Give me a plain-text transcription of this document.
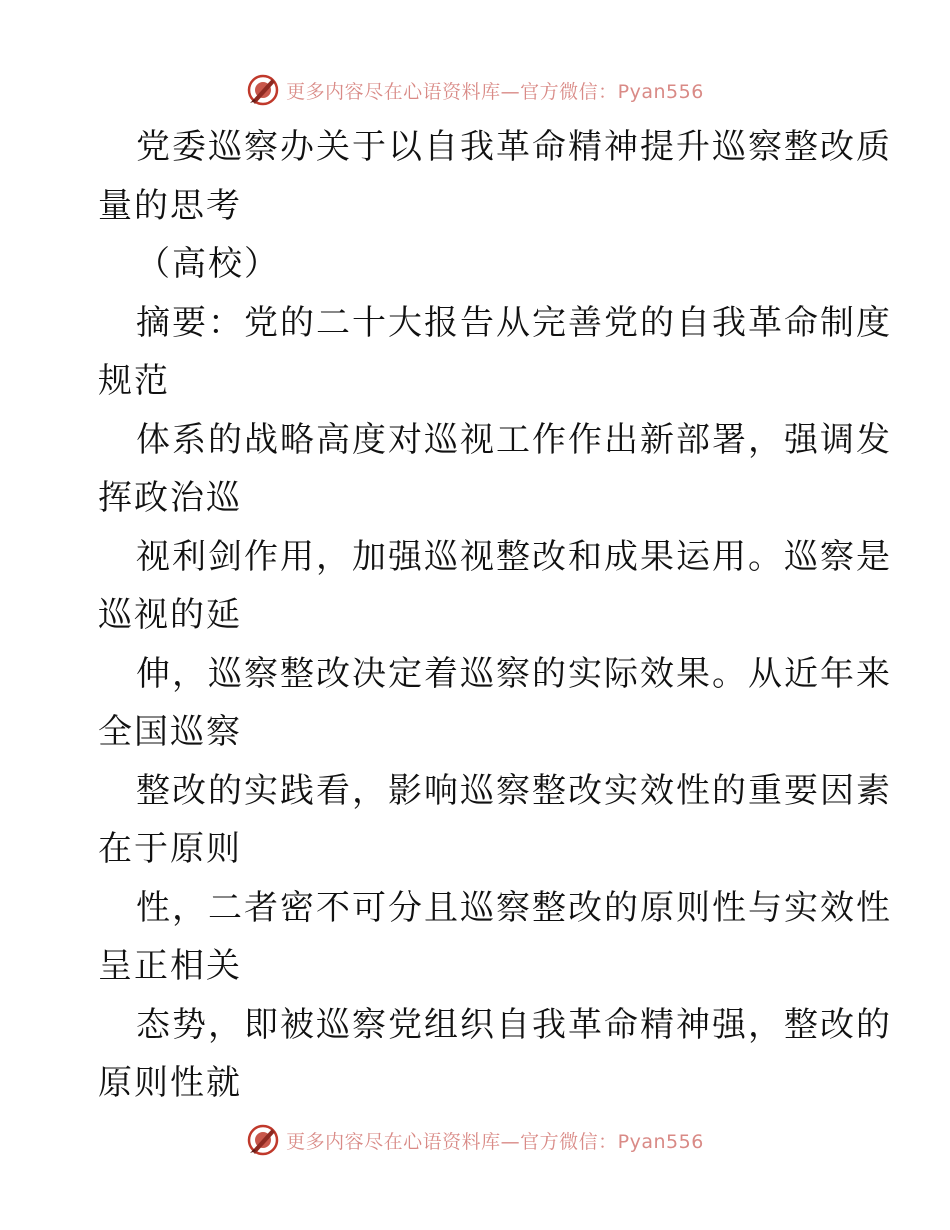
更多内容尽在心语资料库—官方微信：Pyan556
党委巡察办关于以自我革命精神提升巡察整改质
量的思考
（高校）
摘要：党的二十大报告从完善党的自我革命制度
规范
体系的战略高度对巡视工作作出新部署，强调发
挥政治巡
视利剑作用，加强巡视整改和成果运用。巡察是
巡视的延
伸，巡察整改决定着巡察的实际效果。从近年来
全国巡察
整改的实践看，影响巡察整改实效性的重要因素
在于原则
性，二者密不可分且巡察整改的原则性与实效性
呈正相关
态势，即被巡察党组织自我革命精神强，整改的
原则性就
更多内容尽在心语资料库—官方微信：Pyan556
